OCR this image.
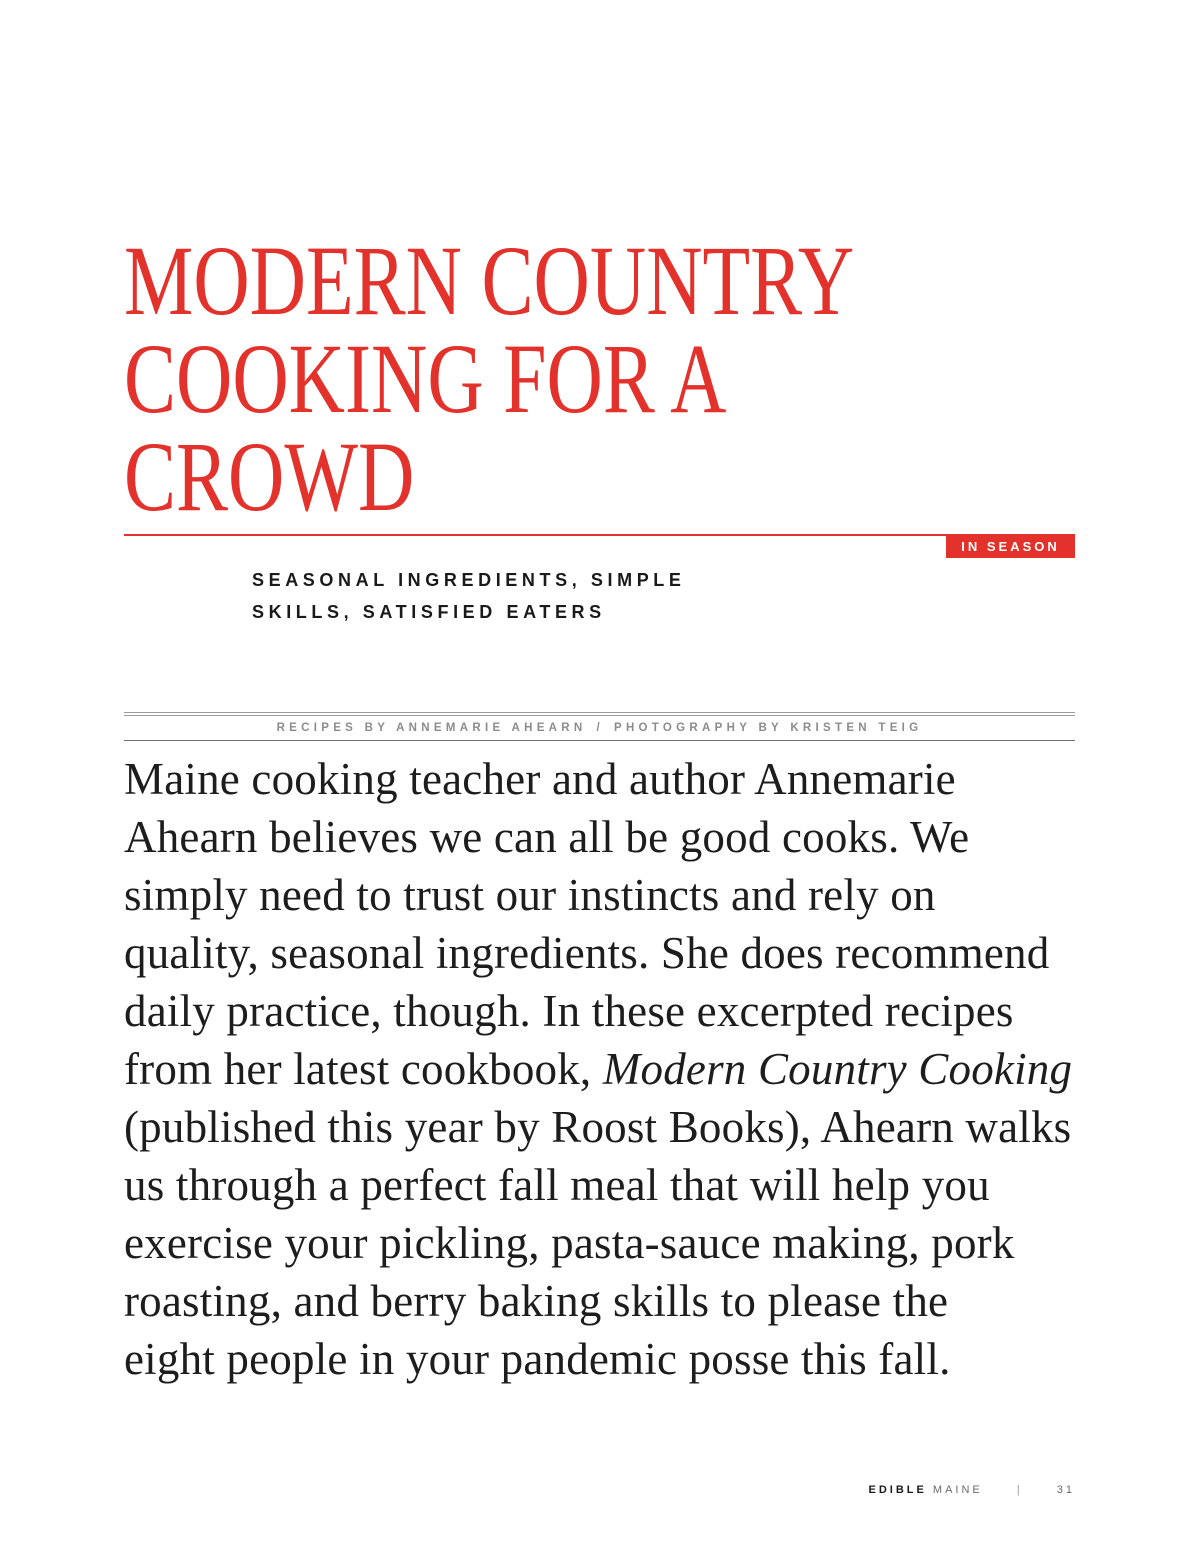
MODERN COUNTRY
COOKING FOR A
CROWD
IN SEASON
SEASONAL INGREDIENTS, SIMPLE
SKILLS, SATISFIED EATERS
RECIPES BY ANNEMARIE AHEARN / PHOTOGRAPHY BY KRISTEN TEIG

Maine cooking teacher and author Annemarie
Ahearn believes we can all be good cooks. We
simply need to trust our instincts and rely on
quality, seasonal ingredients. She does recommend
daily practice, though. In these excerpted recipes
from her latest cookbook, Modern Country Cooking
(published this year by Roost Books), Ahearn walks
us through a perfect fall meal that will help you
exercise your pickling, pasta-sauce making, pork
roasting, and berry baking skills to please the
eight people in your pandemic posse this fall.

EDIBLE MAINE	|	31
